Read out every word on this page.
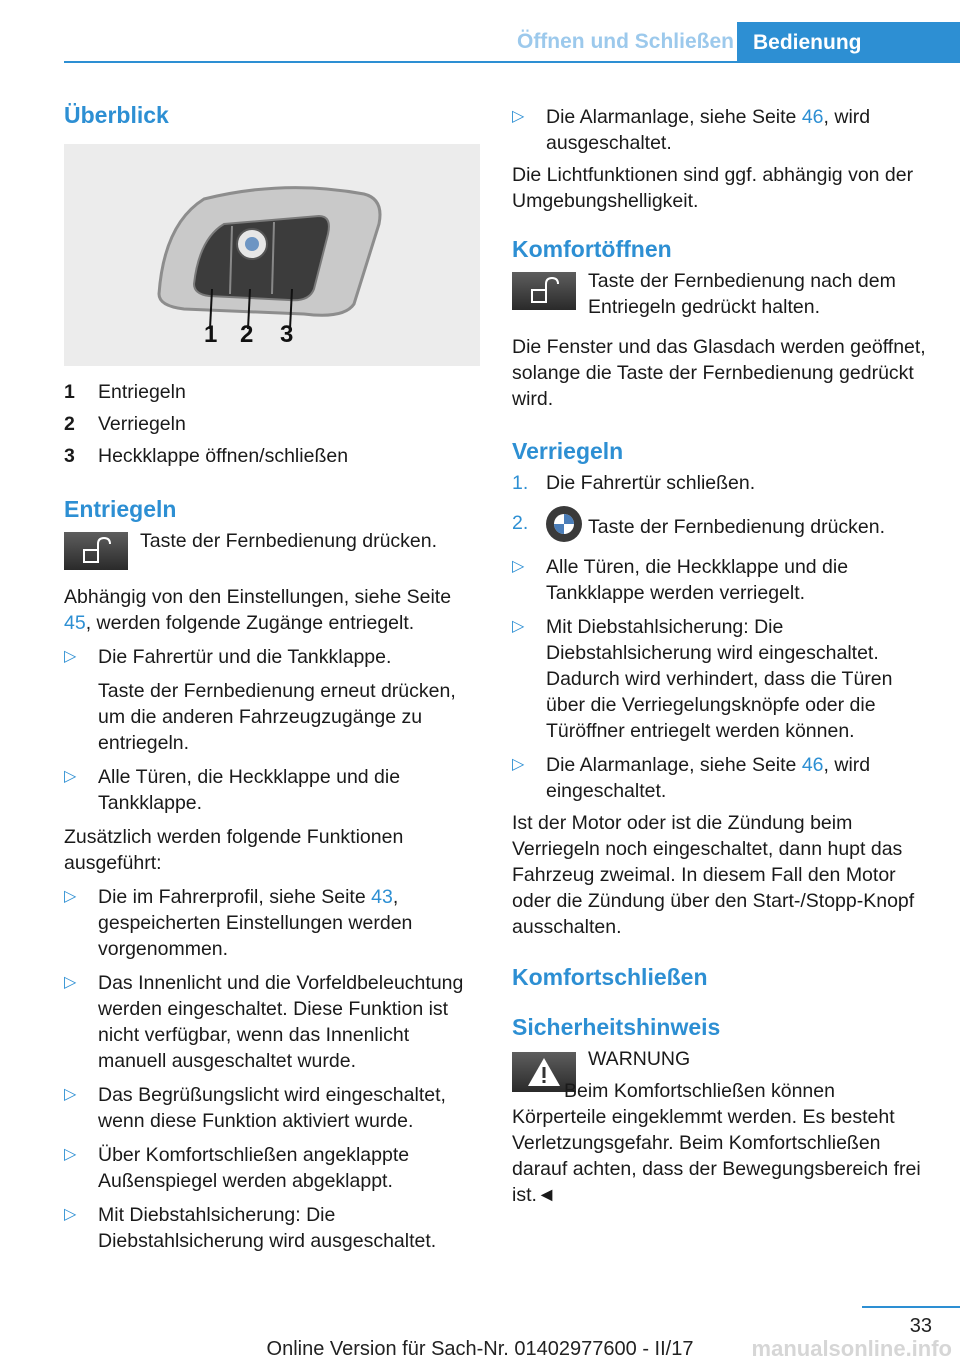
Öffnen und Schließen Bedienung
Überblick
1 2 3
1	Entriegeln
2	Verriegeln
3	Heckklappe öffnen/schließen
Entriegeln
Taste der Fernbedienung drücken.

Abhängig von den Einstellungen, siehe Seite 45, werden folgende Zugänge entriegelt.

▷	Die Fahrertür und die Tankklappe.
Taste der Fernbedienung erneut drücken, um die anderen Fahrzeugzugänge zu entriegeln.
▷	Alle Türen, die Heckklappe und die Tankklappe.

Zusätzlich werden folgende Funktionen ausgeführt:

▷	Die im Fahrerprofil, siehe Seite 43, gespeicherten Einstellungen werden vorgenommen.
▷	Das Innenlicht und die Vorfeldbeleuchtung werden eingeschaltet. Diese Funktion ist nicht verfügbar, wenn das Innenlicht manuell ausgeschaltet wurde.
▷	Das Begrüßungslicht wird eingeschaltet, wenn diese Funktion aktiviert wurde.
▷	Über Komfortschließen angeklappte Außenspiegel werden abgeklappt.
▷	Mit Diebstahlsicherung: Die Diebstahlsicherung wird ausgeschaltet.
▷	Die Alarmanlage, siehe Seite 46, wird ausgeschaltet.

Die Lichtfunktionen sind ggf. abhängig von der Umgebungshelligkeit.

Komfortöffnen
Taste der Fernbedienung nach dem Entriegeln gedrückt halten.

Die Fenster und das Glasdach werden geöffnet, solange die Taste der Fernbedienung gedrückt wird.

Verriegeln
1. Die Fahrertür schließen.
2.	Taste der Fernbedienung drücken.
▷	Alle Türen, die Heckklappe und die Tankklappe werden verriegelt.
▷	Mit Diebstahlsicherung: Die Diebstahlsicherung wird eingeschaltet. Dadurch wird verhindert, dass die Türen über die Verriegelungsknöpfe oder die Türöffner entriegelt werden können.
▷	Die Alarmanlage, siehe Seite 46, wird eingeschaltet.

Ist der Motor oder ist die Zündung beim Verriegeln noch eingeschaltet, dann hupt das Fahrzeug zweimal. In diesem Fall den Motor oder die Zündung über den Start-/Stopp-Knopf ausschalten.

Komfortschließen
Sicherheitshinweis
WARNUNG

Beim Komfortschließen können Körperteile eingeklemmt werden. Es besteht Verletzungsgefahr. Beim Komfortschließen darauf achten, dass der Bewegungsbereich frei ist.◄

33
Online Version für Sach-Nr. 01402977600 - II/17	manualsonline.info
